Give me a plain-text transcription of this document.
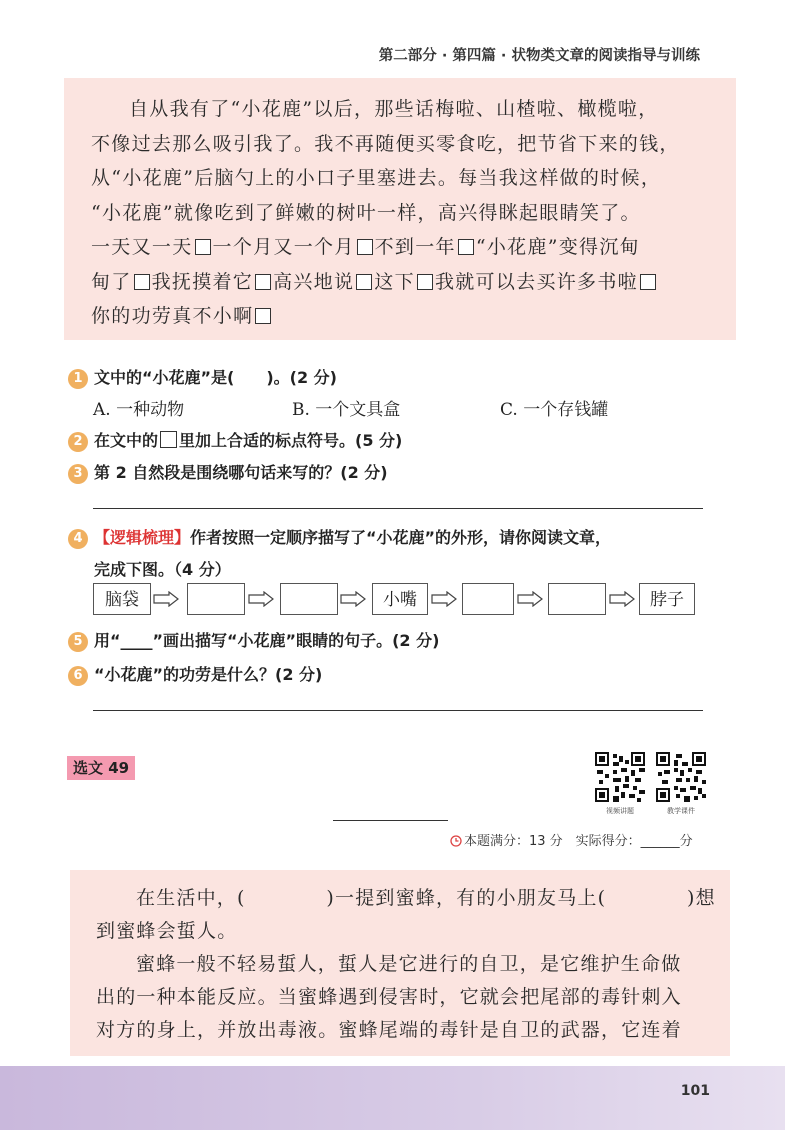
第二部分 · 第四篇 · 状物类文章的阅读指导与训练
自从我有了“小花鹿”以后，那些话梅啦、山楂啦、橄榄啦，
不像过去那么吸引我了。我不再随便买零食吃，把节省下来的钱，
从“小花鹿”后脑勺上的小口子里塞进去。每当我这样做的时候，
“小花鹿”就像吃到了鲜嫩的树叶一样，高兴得眯起眼睛笑了。
一天又一天 一个月又一个月 不到一年 “小花鹿”变得沉甸
甸了 我抚摸着它 高兴地说 这下 我就可以去买许多书啦
你的功劳真不小啊
1 文中的“小花鹿”是(　　)。(2 分)
A. 一种动物	B. 一个文具盒	C. 一个存钱罐
2 在文中的 里加上合适的标点符号。(5 分)
3 第 2 自然段是围绕哪句话来写的？(2 分)
4 【逻辑梳理】作者按照一定顺序描写了“小花鹿”的外形，请你阅读文章，
完成下图。（4 分）
脑袋	小嘴	脖子
5 用“____”画出描写“小花鹿”眼睛的句子。(2 分)
6 “小花鹿”的功劳是什么？(2 分)
选文 49
视频讲题	教学课件
本题满分：13 分　实际得分：______分
在生活中，(　　　　)一提到蜜蜂，有的小朋友马上(　　　　)想
到蜜蜂会蜇人。
蜜蜂一般不轻易蜇人，蜇人是它进行的自卫，是它维护生命做
出的一种本能反应。当蜜蜂遇到侵害时，它就会把尾部的毒针刺入
对方的身上，并放出毒液。蜜蜂尾端的毒针是自卫的武器，它连着
101
